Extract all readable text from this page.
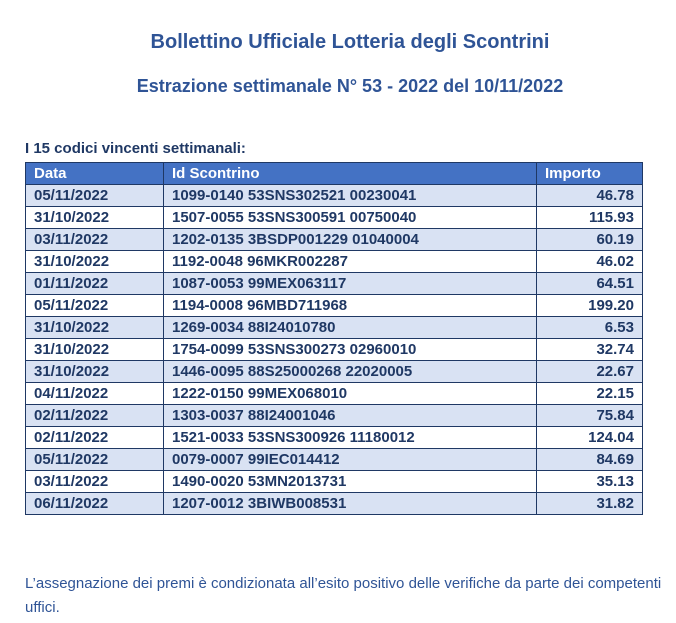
Bollettino Ufficiale Lotteria degli Scontrini
Estrazione settimanale N° 53 - 2022 del 10/11/2022
I 15 codici vincenti settimanali:
Data	Id Scontrino	Importo
05/11/2022	1099-0140 53SNS302521 00230041	46.78
31/10/2022	1507-0055 53SNS300591 00750040	115.93
03/11/2022	1202-0135 3BSDP001229 01040004	60.19
31/10/2022	1192-0048 96MKR002287	46.02
01/11/2022	1087-0053 99MEX063117	64.51
05/11/2022	1194-0008 96MBD711968	199.20
31/10/2022	1269-0034 88I24010780	6.53
31/10/2022	1754-0099 53SNS300273 02960010	32.74
31/10/2022	1446-0095 88S25000268 22020005	22.67
04/11/2022	1222-0150 99MEX068010	22.15
02/11/2022	1303-0037 88I24001046	75.84
02/11/2022	1521-0033 53SNS300926 11180012	124.04
05/11/2022	0079-0007 99IEC014412	84.69
03/11/2022	1490-0020 53MN2013731	35.13
06/11/2022	1207-0012 3BIWB008531	31.82
L’assegnazione dei premi è condizionata all’esito positivo delle verifiche da parte dei competenti uffici.
